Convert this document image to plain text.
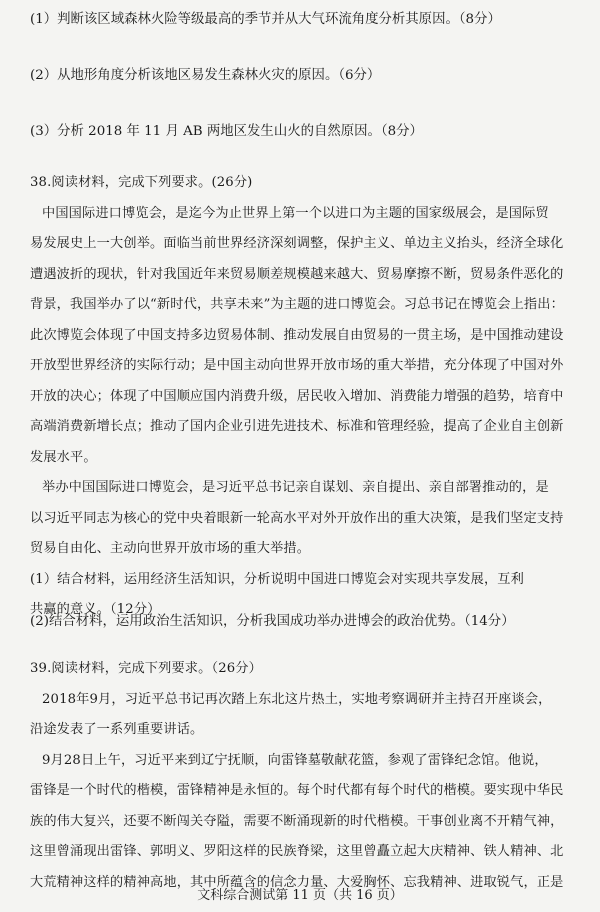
(1）判断该区域森林火险等级最高的季节并从大气环流角度分析其原因。（8分）
(2）从地形角度分析该地区易发生森林火灾的原因。（6分）
(3）分析 2018 年 11 月 AB 两地区发生山火的自然原因。（8分）
38.阅读材料，完成下列要求。(26分)
中国国际进口博览会，是迄今为止世界上第一个以进口为主题的国家级展会，是国际贸
易发展史上一大创举。面临当前世界经济深刻调整，保护主义、单边主义抬头，经济全球化
遭遇波折的现状，针对我国近年来贸易顺差规模越来越大、贸易摩擦不断，贸易条件恶化的
背景，我国举办了以“新时代，共享未来”为主题的进口博览会。习总书记在博览会上指出：
此次博览会体现了中国支持多边贸易体制、推动发展自由贸易的一贯主场，是中国推动建设
开放型世界经济的实际行动；是中国主动向世界开放市场的重大举措，充分体现了中国对外
开放的决心；体现了中国顺应国内消费升级，居民收入增加、消费能力增强的趋势，培育中
高端消费新增长点；推动了国内企业引进先进技术、标准和管理经验，提高了企业自主创新
发展水平。
举办中国国际进口博览会，是习近平总书记亲自谋划、亲自提出、亲自部署推动的，是
以习近平同志为核心的党中央着眼新一轮高水平对外开放作出的重大决策，是我们坚定支持
贸易自由化、主动向世界开放市场的重大举措。
(1）结合材料，运用经济生活知识，分析说明中国进口博览会对实现共享发展，互利
共赢的意义。（12分）
(2)结合材料，运用政治生活知识，分析我国成功举办进博会的政治优势。（14分）
39.阅读材料，完成下列要求。（26分）
2018年9月，习近平总书记再次踏上东北这片热土，实地考察调研并主持召开座谈会，
沿途发表了一系列重要讲话。
9月28日上午，习近平来到辽宁抚顺，向雷锋墓敬献花篮，参观了雷锋纪念馆。他说，
雷锋是一个时代的楷模，雷锋精神是永恒的。每个时代都有每个时代的楷模。要实现中华民
族的伟大复兴，还要不断闯关夺隘，需要不断涌现新的时代楷模。干事创业离不开精气神，
这里曾涌现出雷锋、郭明义、罗阳这样的民族脊梁，这里曾矗立起大庆精神、铁人精神、北
大荒精神这样的精神高地，其中所蕴含的信念力量、大爱胸怀、忘我精神、进取锐气，正是
文科综合测试第 11 页（共 16 页）
